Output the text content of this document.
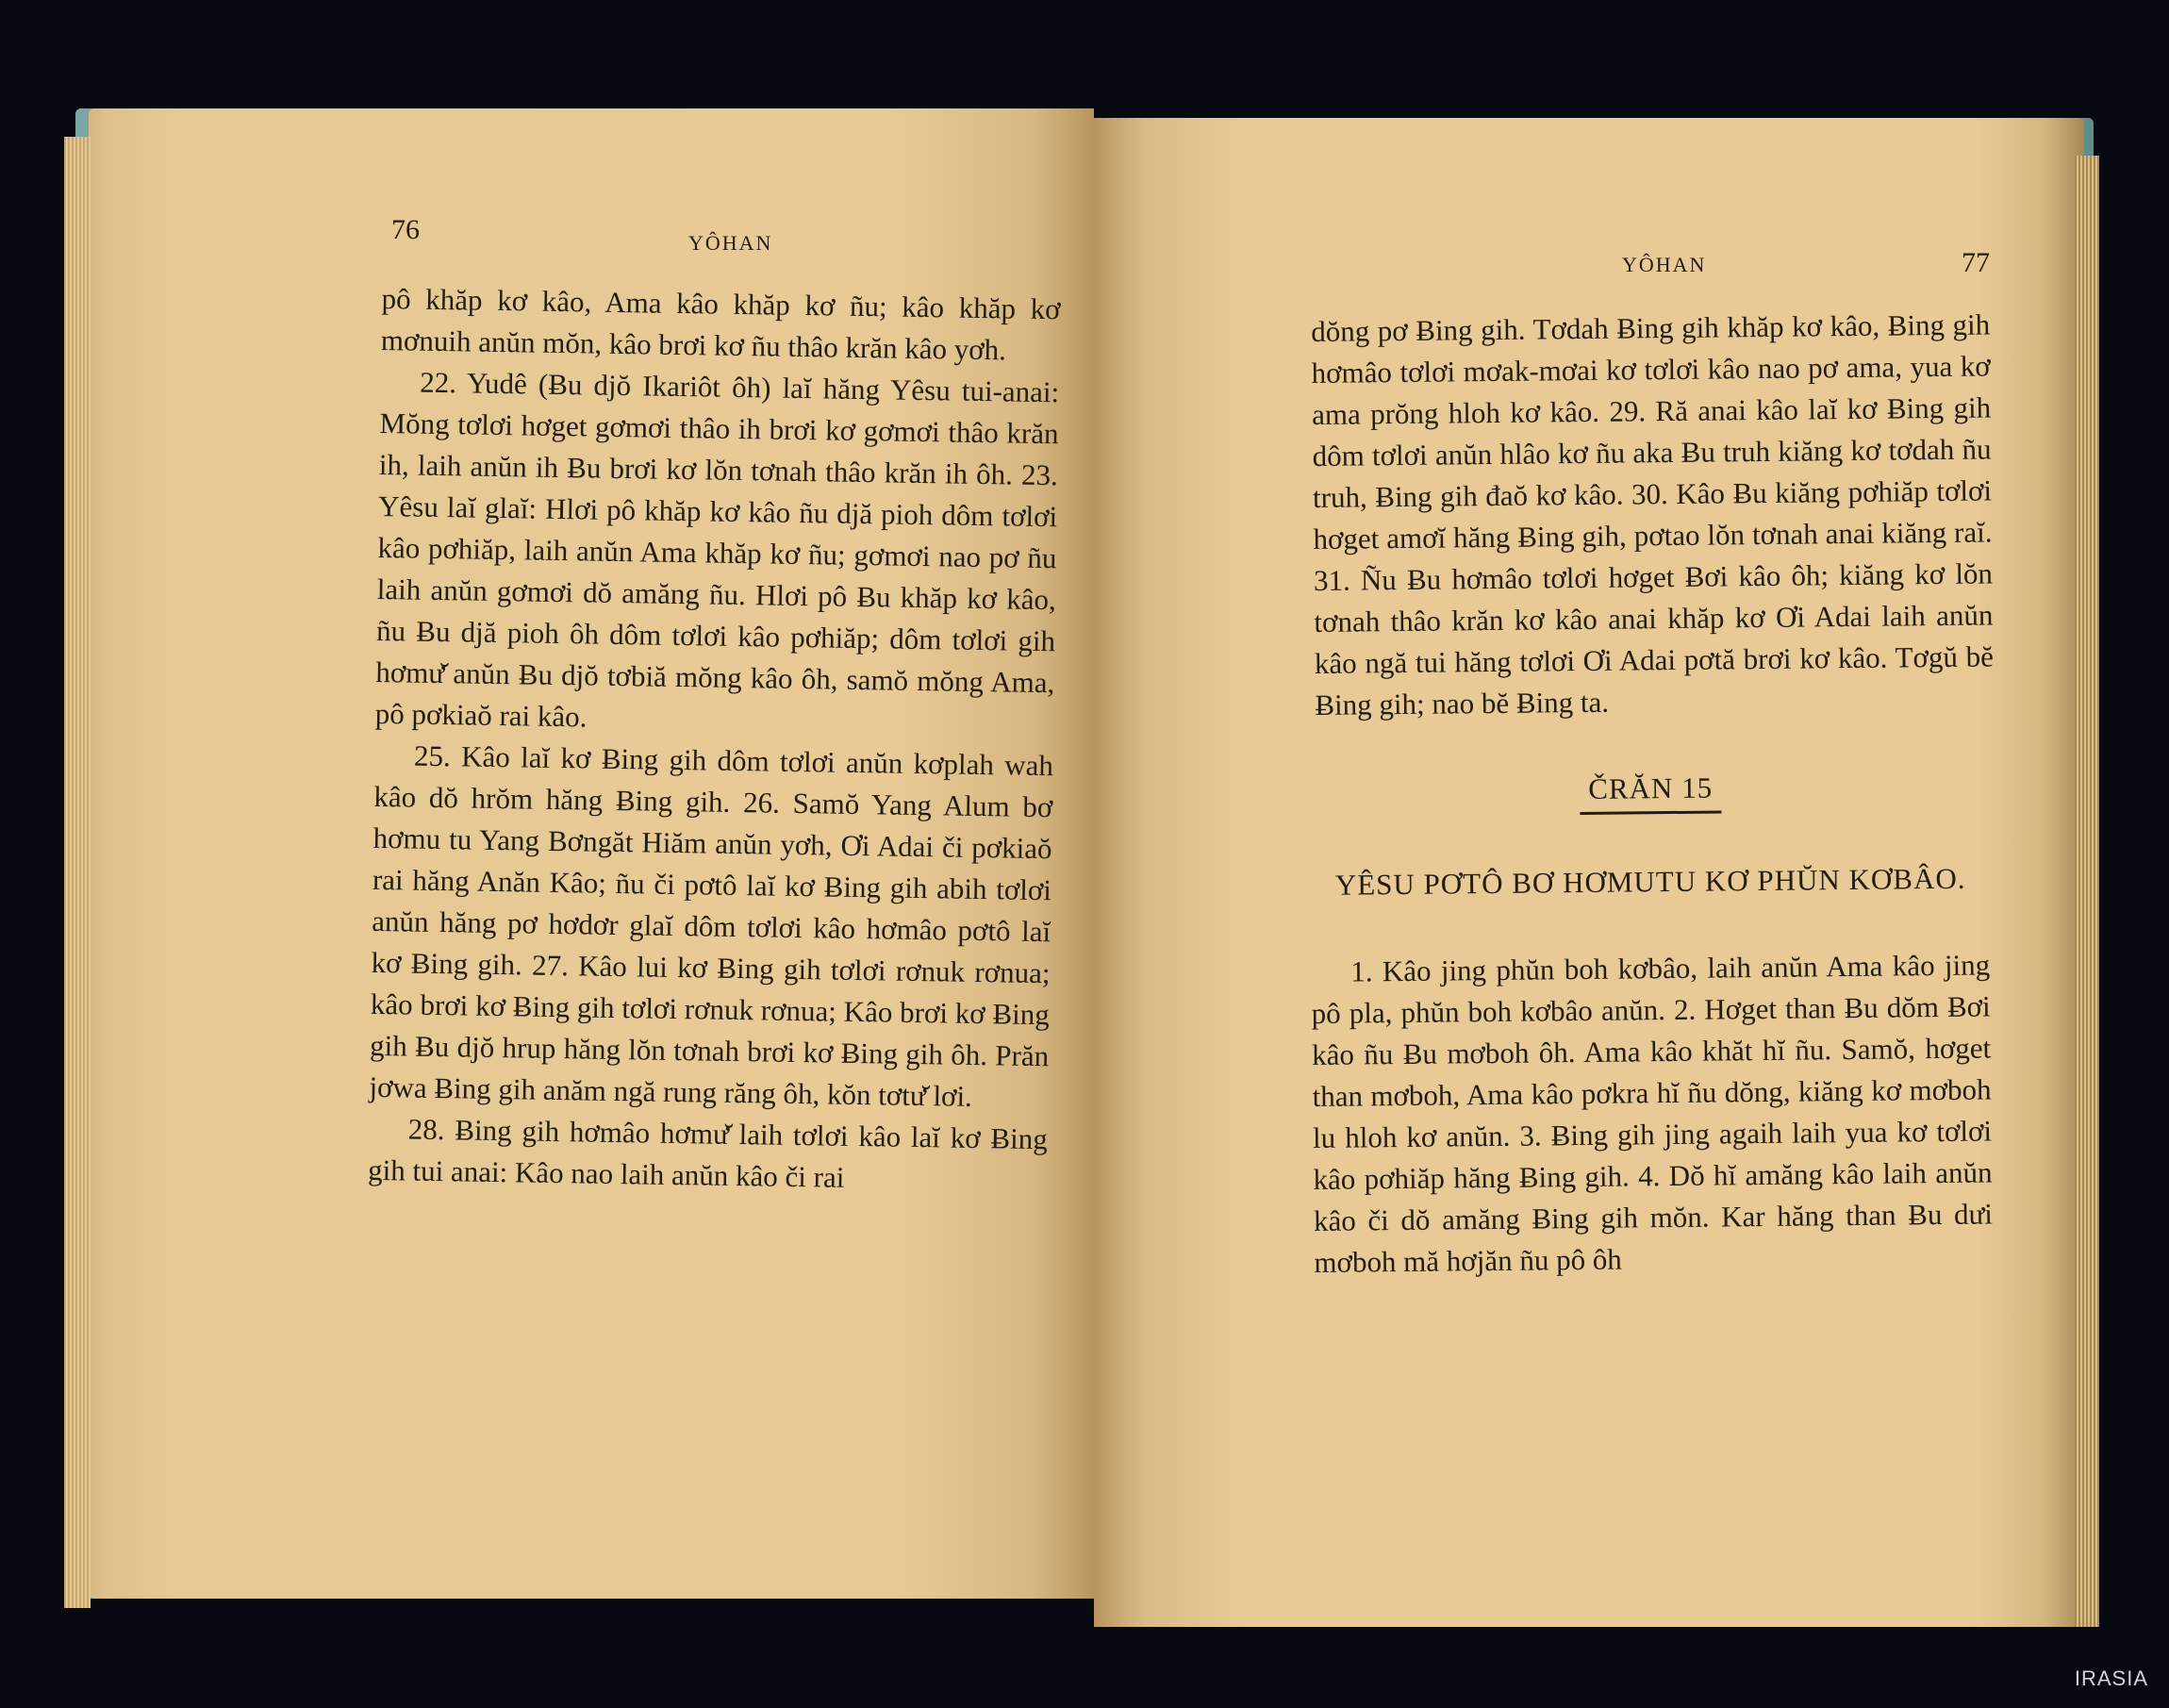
76	YÔHAN

pô khăp kơ kâo, Ama kâo khăp kơ ñu; kâo khăp kơ mơnuih anŭn mŏn, kâo brơi kơ ñu thâo krăn kâo yơh.

22. Yudê (Ƀu djŏ Ikariôt ôh) laĭ hăng Yêsu tui-anai: Mŏng tơlơi hơget gơmơi thâo ih brơi kơ gơmơi thâo krăn ih, laih anŭn ih Ƀu brơi kơ lŏn tơnah thâo krăn ih ôh. 23. Yêsu laĭ glaĭ: Hlơi pô khăp kơ kâo ñu djă pioh dôm tơlơi kâo pơhiăp, laih anŭn Ama khăp kơ ñu; gơmơi nao pơ ñu laih anŭn gơmơi dŏ amăng ñu. Hlơi pô Ƀu khăp kơ kâo, ñu Ƀu djă pioh ôh dôm tơlơi kâo pơhiăp; dôm tơlơi gih hơmư̆ anŭn Ƀu djŏ tơbiă mŏng kâo ôh, samŏ mŏng Ama, pô pơkiaŏ rai kâo.

25. Kâo laĭ kơ Ƀing gih dôm tơlơi anŭn kơplah wah kâo dŏ hrŏm hăng Ƀing gih. 26. Samŏ Yang Alum bơ hơmu tu Yang Bơngăt Hiăm anŭn yơh, Ơi Adai či pơkiaŏ rai hăng Anăn Kâo; ñu či pơtô laĭ kơ Ƀing gih abih tơlơi anŭn hăng pơ hơdơr glaĭ dôm tơlơi kâo hơmâo pơtô laĭ kơ Ƀing gih. 27. Kâo lui kơ Ƀing gih tơlơi rơnuk rơnua; kâo brơi kơ Ƀing gih tơlơi rơnuk rơnua; Kâo brơi kơ Ƀing gih Ƀu djŏ hrup hăng lŏn tơnah brơi kơ Ƀing gih ôh. Prăn jơwa Ƀing gih anăm ngă rung răng ôh, kŏn tơtư̆ lơi.

28. Ƀing gih hơmâo hơmư̆ laih tơlơi kâo laĭ kơ Ƀing gih tui anai: Kâo nao laih anŭn kâo či rai

YÔHAN	77

dŏng pơ Ƀing gih. Tơdah Ƀing gih khăp kơ kâo, Ƀing gih hơmâo tơlơi mơak-mơai kơ tơlơi kâo nao pơ ama, yua kơ ama prŏng hloh kơ kâo. 29. Ră anai kâo laĭ kơ Ƀing gih dôm tơlơi anŭn hlâo kơ ñu aka Ƀu truh kiăng kơ tơdah ñu truh, Ƀing gih đaŏ kơ kâo. 30. Kâo Ƀu kiăng pơhiăp tơlơi hơget amơĭ hăng Ƀing gih, pơtao lŏn tơnah anai kiăng raĭ. 31. Ñu Ƀu hơmâo tơlơi hơget Ƀơi kâo ôh; kiăng kơ lŏn tơnah thâo krăn kơ kâo anai khăp kơ Ơi Adai laih anŭn kâo ngă tui hăng tơlơi Ơi Adai pơtă brơi kơ kâo. Tơgŭ bĕ Ƀing gih; nao bĕ Ƀing ta.

ČRĂN 15
YÊSU PƠTÔ BƠ HƠMUTU KƠ PHŬN KƠBÂO.

1. Kâo jing phŭn boh kơbâo, laih anŭn Ama kâo jing pô pla, phŭn boh kơbâo anŭn. 2. Hơget than Ƀu dŏm Ƀơi kâo ñu Ƀu mơboh ôh. Ama kâo khăt hĭ ñu. Samŏ, hơget than mơboh, Ama kâo pơkra hĭ ñu dŏng, kiăng kơ mơboh lu hloh kơ anŭn. 3. Ƀing gih jing agaih laih yua kơ tơlơi kâo pơhiăp hăng Ƀing gih. 4. Dŏ hĭ amăng kâo laih anŭn kâo či dŏ amăng Ƀing gih mŏn. Kar hăng than Ƀu dưi mơboh mă hơjăn ñu pô ôh

IRASIA
